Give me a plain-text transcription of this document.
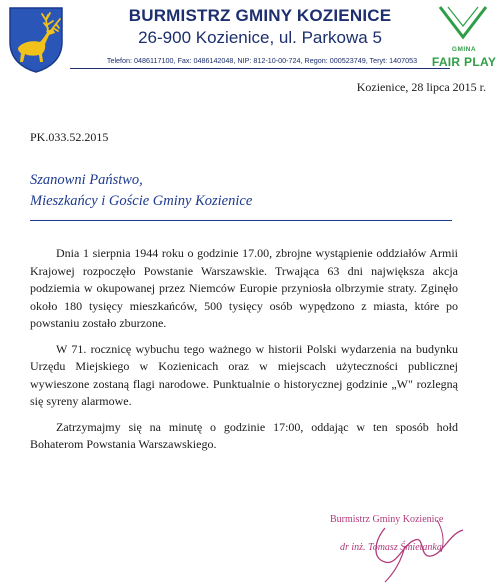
BURMISTRZ GMINY KOZIENICE
26-900 Kozienice, ul. Parkowa 5
Telefon: 0486117100, Fax: 0486142048, NIP: 812-10-00-724, Regon: 000523749, Teryt: 1407053
GMINA
FAIR PLAY
Kozienice, 28 lipca 2015 r.
PK.033.52.2015
Szanowni Państwo,
Mieszkańcy i Goście Gminy Kozienice

Dnia 1 sierpnia 1944 roku o godzinie 17.00, zbrojne wystąpienie oddziałów Armii Krajowej rozpoczęło Powstanie Warszawskie. Trwająca 63 dni największa akcja podziemia w okupowanej przez Niemców Europie przyniosła olbrzymie straty. Zginęło około 180 tysięcy mieszkańców, 500 tysięcy osób wypędzono z miasta, które po powstaniu zostało zburzone.

W 71. rocznicę wybuchu tego ważnego w historii Polski wydarzenia na budynku Urzędu Miejskiego w Kozienicach oraz w miejscach użyteczności publicznej wywieszone zostaną flagi narodowe. Punktualnie o historycznej godzinie „W" rozlegną się syreny alarmowe.

Zatrzymajmy się na minutę o godzinie 17:00, oddając w ten sposób hołd Bohaterom Powstania Warszawskiego.

Burmistrz Gminy Kozienice
dr inż. Tomasz Śmietanka
